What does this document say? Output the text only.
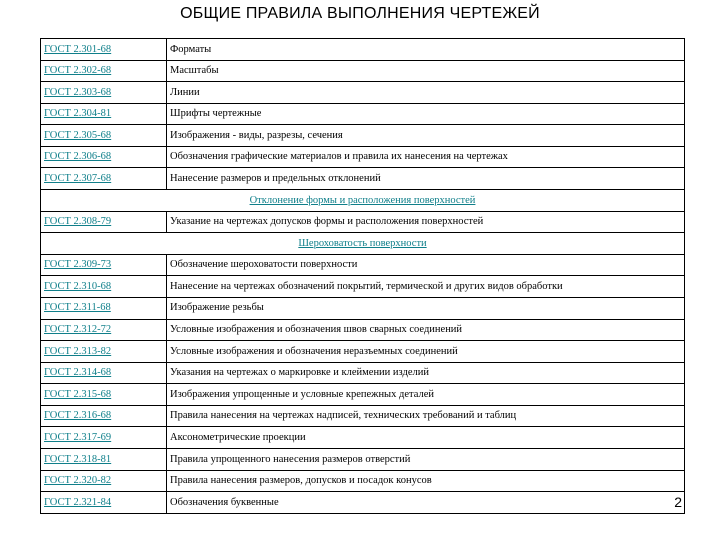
ОБЩИЕ ПРАВИЛА ВЫПОЛНЕНИЯ ЧЕРТЕЖЕЙ
ГОСТ 2.301-68	Форматы
ГОСТ 2.302-68	Масштабы
ГОСТ 2.303-68	Линии
ГОСТ 2.304-81	Шрифты чертежные
ГОСТ 2.305-68	Изображения - виды, разрезы, сечения
ГОСТ 2.306-68	Обозначения графические материалов и правила их нанесения на чертежах
ГОСТ 2.307-68	Нанесение размеров и предельных отклонений
Отклонение формы и расположения поверхностей	
ГОСТ 2.308-79	Указание на чертежах допусков формы и расположения поверхностей
Шероховатость поверхности	
ГОСТ 2.309-73	Обозначение шероховатости поверхности
ГОСТ 2.310-68	Нанесение на чертежах обозначений покрытий, термической и других видов обработки
ГОСТ 2.311-68	Изображение резьбы
ГОСТ 2.312-72	Условные изображения и обозначения швов сварных соединений
ГОСТ 2.313-82	Условные изображения и обозначения неразъемных соединений
ГОСТ 2.314-68	Указания на чертежах о маркировке и клеймении изделий
ГОСТ 2.315-68	Изображения упрощенные и условные крепежных деталей
ГОСТ 2.316-68	Правила нанесения на чертежах надписей, технических требований и таблиц
ГОСТ 2.317-69	Аксонометрические проекции
ГОСТ 2.318-81	Правила упрощенного нанесения размеров отверстий
ГОСТ 2.320-82	Правила нанесения размеров, допусков и посадок конусов
ГОСТ 2.321-84	Обозначения буквенные	2
